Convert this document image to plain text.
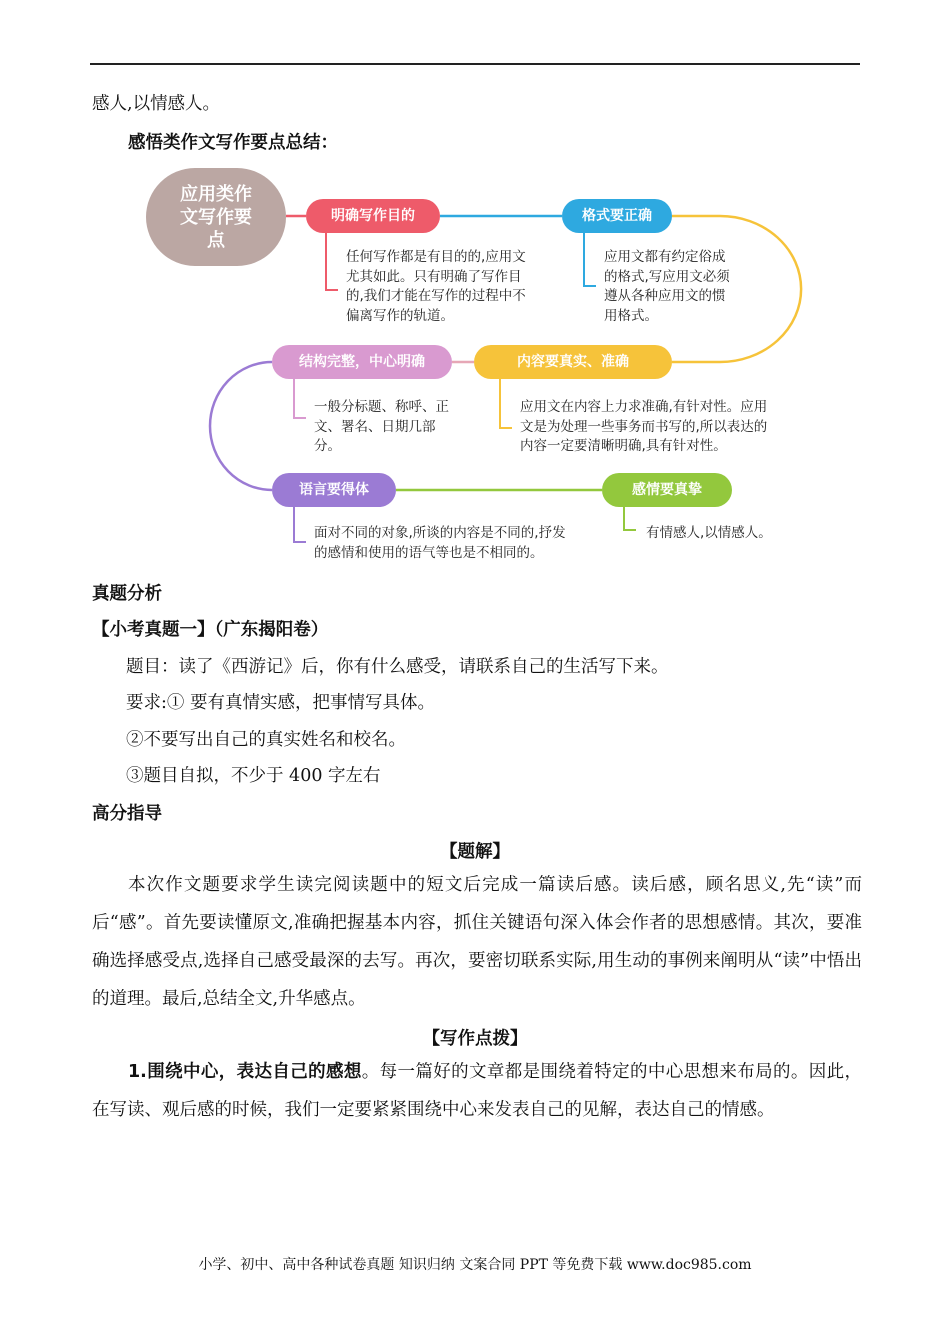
感人,以情感人。
感悟类作文写作要点总结：
应用类作文写作要点
明确写作目的
任何写作都是有目的的,应用文尤其如此。只有明确了写作目的,我们才能在写作的过程中不偏离写作的轨道。
格式要正确
应用文都有约定俗成的格式,写应用文必须遵从各种应用文的惯用格式。
内容要真实、准确
应用文在内容上力求准确,有针对性。应用文是为处理一些事务而书写的,所以表达的内容一定要清晰明确,具有针对性。
结构完整，中心明确
一般分标题、称呼、正文、署名、日期几部分。
语言要得体
面对不同的对象,所谈的内容是不同的,抒发的感情和使用的语气等也是不相同的。
感情要真挚
有情感人,以情感人。
真题分析
【小考真题一】（广东揭阳卷）
题目：读了《西游记》后，你有什么感受，请联系自己的生活写下来。
要求:① 要有真情实感，把事情写具体。
②不要写出自己的真实姓名和校名。
③题目自拟，不少于 400 字左右
高分指导
【题解】
本次作文题要求学生读完阅读题中的短文后完成一篇读后感。读后感，顾名思义,先“读”而后“感”。首先要读懂原文,准确把握基本内容，抓住关键语句深入体会作者的思想感情。其次，要准确选择感受点,选择自己感受最深的去写。再次，要密切联系实际,用生动的事例来阐明从“读”中悟出的道理。最后,总结全文,升华感点。
【写作点拨】
1.围绕中心，表达自己的感想。每一篇好的文章都是围绕着特定的中心思想来布局的。因此，在写读、观后感的时候，我们一定要紧紧围绕中心来发表自己的见解，表达自己的情感。
小学、初中、高中各种试卷真题 知识归纳 文案合同 PPT 等免费下载 www.doc985.com
